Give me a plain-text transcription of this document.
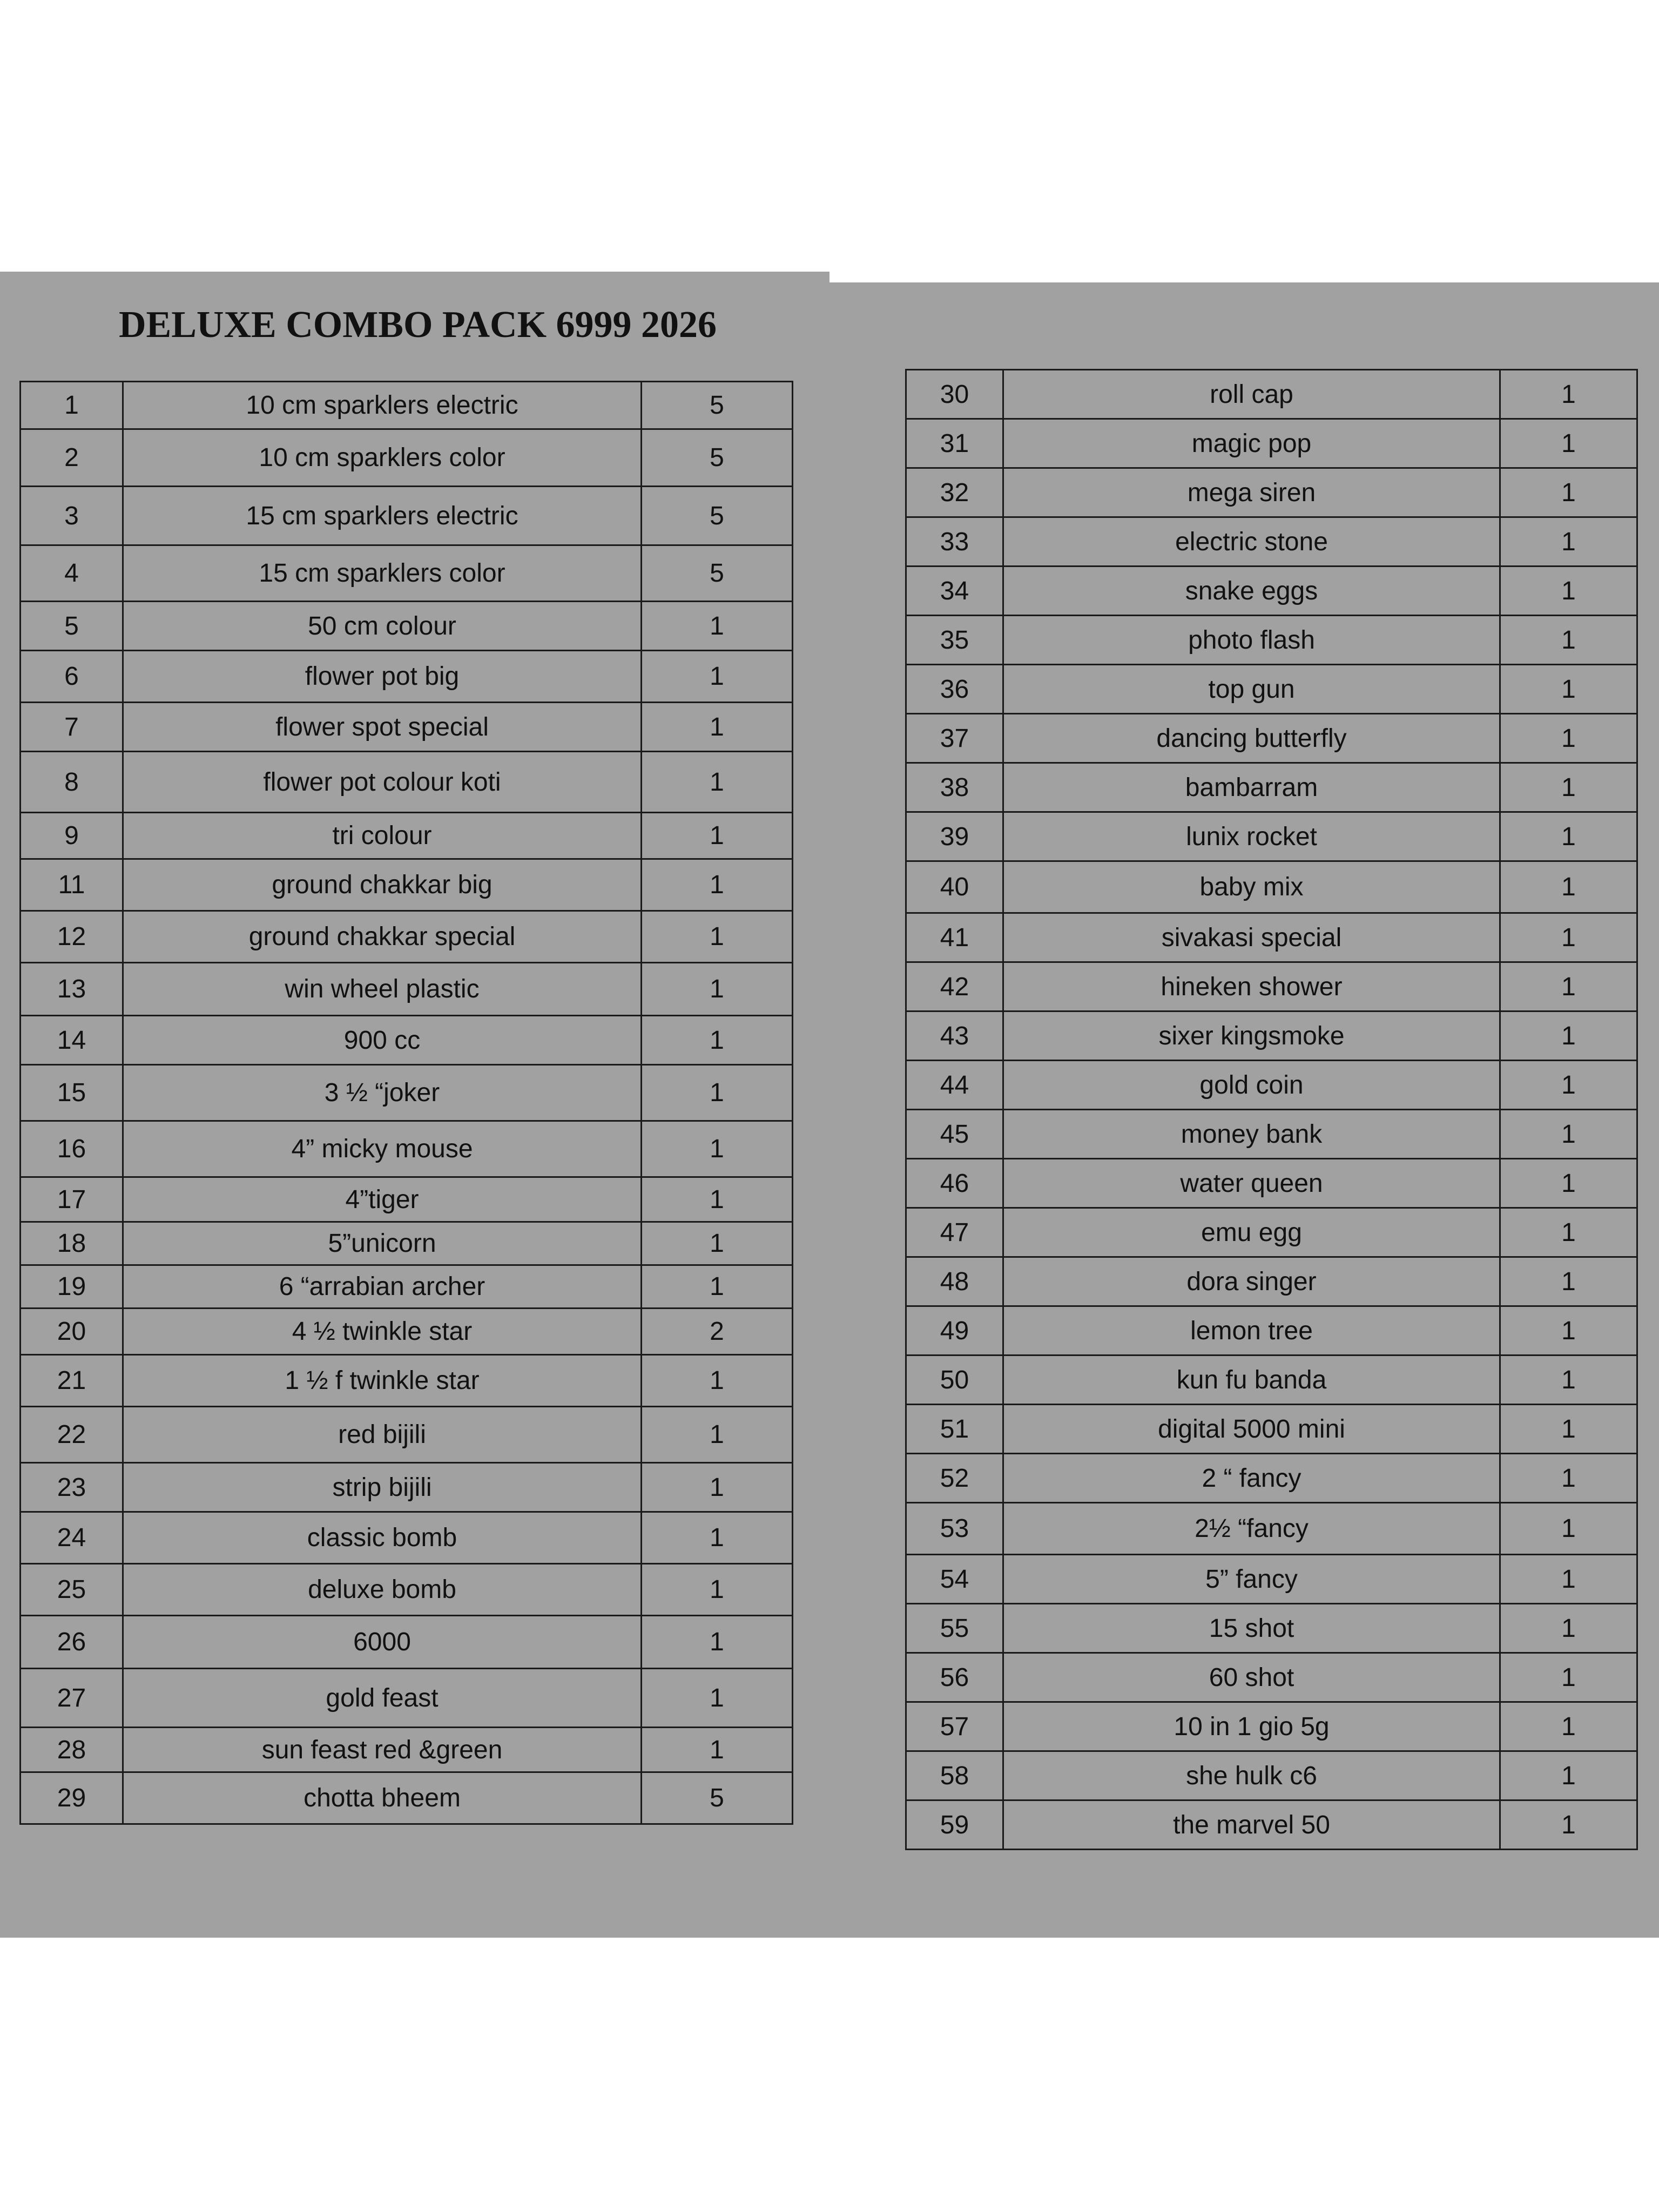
DELUXE COMBO PACK 6999 2026
1	10 cm sparklers electric	5
2	10 cm sparklers color	5
3	15 cm sparklers electric	5
4	15 cm sparklers color	5
5	50 cm colour	1
6	flower pot big	1
7	flower spot special	1
8	flower pot colour koti	1
9	tri colour	1
11	ground chakkar big	1
12	ground chakkar special	1
13	win wheel plastic	1
14	900 cc	1
15	3 ½ “joker	1
16	4” micky mouse	1
17	4”tiger	1
18	5”unicorn	1
19	6 “arrabian archer	1
20	4 ½ twinkle star	2
21	1 ½ f twinkle star	1
22	red bijili	1
23	strip bijili	1
24	classic bomb	1
25	deluxe bomb	1
26	6000	1
27	gold feast	1
28	sun feast red &green	1
29	chotta bheem	5
30	roll cap	1
31	magic pop	1
32	mega siren	1
33	electric stone	1
34	snake eggs	1
35	photo flash	1
36	top gun	1
37	dancing butterfly	1
38	bambarram	1
39	lunix rocket	1
40	baby mix	1
41	sivakasi special	1
42	hineken shower	1
43	sixer kingsmoke	1
44	gold coin	1
45	money bank	1
46	water queen	1
47	emu egg	1
48	dora singer	1
49	lemon tree	1
50	kun fu banda	1
51	digital 5000 mini	1
52	2 “ fancy	1
53	2½ “fancy	1
54	5” fancy	1
55	15 shot	1
56	60 shot	1
57	10 in 1 gio 5g	1
58	she hulk c6	1
59	the marvel 50	1
